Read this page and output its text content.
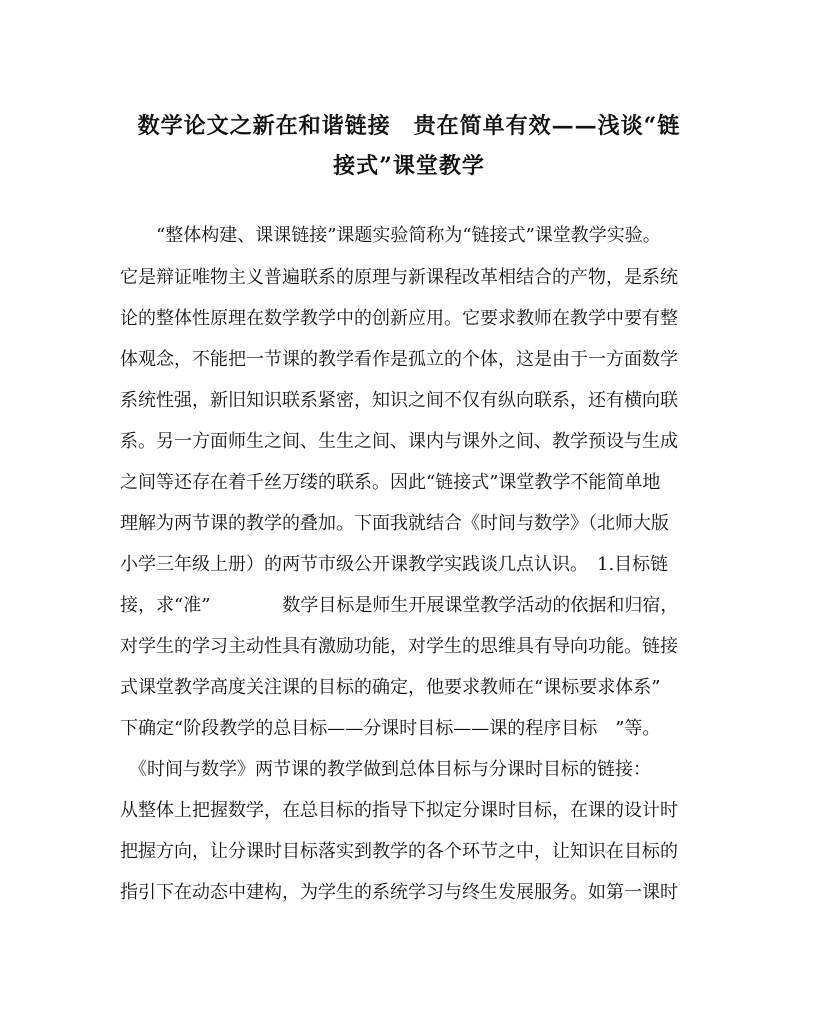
数学论文之新在和谐链接　贵在简单有效——浅谈“链
接式”课堂教学
　　“整体构建、课课链接”课题实验简称为“链接式”课堂教学实验。
它是辩证唯物主义普遍联系的原理与新课程改革相结合的产物，是系统
论的整体性原理在数学教学中的创新应用。它要求教师在教学中要有整
体观念，不能把一节课的教学看作是孤立的个体，这是由于一方面数学
系统性强，新旧知识联系紧密，知识之间不仅有纵向联系，还有横向联
系。另一方面师生之间、生生之间、课内与课外之间、教学预设与生成
之间等还存在着千丝万缕的联系。因此“链接式”课堂教学不能简单地
理解为两节课的教学的叠加。下面我就结合《时间与数学》（北师大版
小学三年级上册）的两节市级公开课教学实践谈几点认识。　1.目标链
接，求“准”　　　　数学目标是师生开展课堂教学活动的依据和归宿，
对学生的学习主动性具有激励功能，对学生的思维具有导向功能。链接
式课堂教学高度关注课的目标的确定，他要求教师在“课标要求体系”
下确定“阶段教学的总目标——分课时目标——课的程序目标　”等。
　《时间与数学》两节课的教学做到总体目标与分课时目标的链接：
从整体上把握数学，在总目标的指导下拟定分课时目标，在课的设计时
把握方向，让分课时目标落实到教学的各个环节之中，让知识在目标的
指引下在动态中建构，为学生的系统学习与终生发展服务。如第一课时
